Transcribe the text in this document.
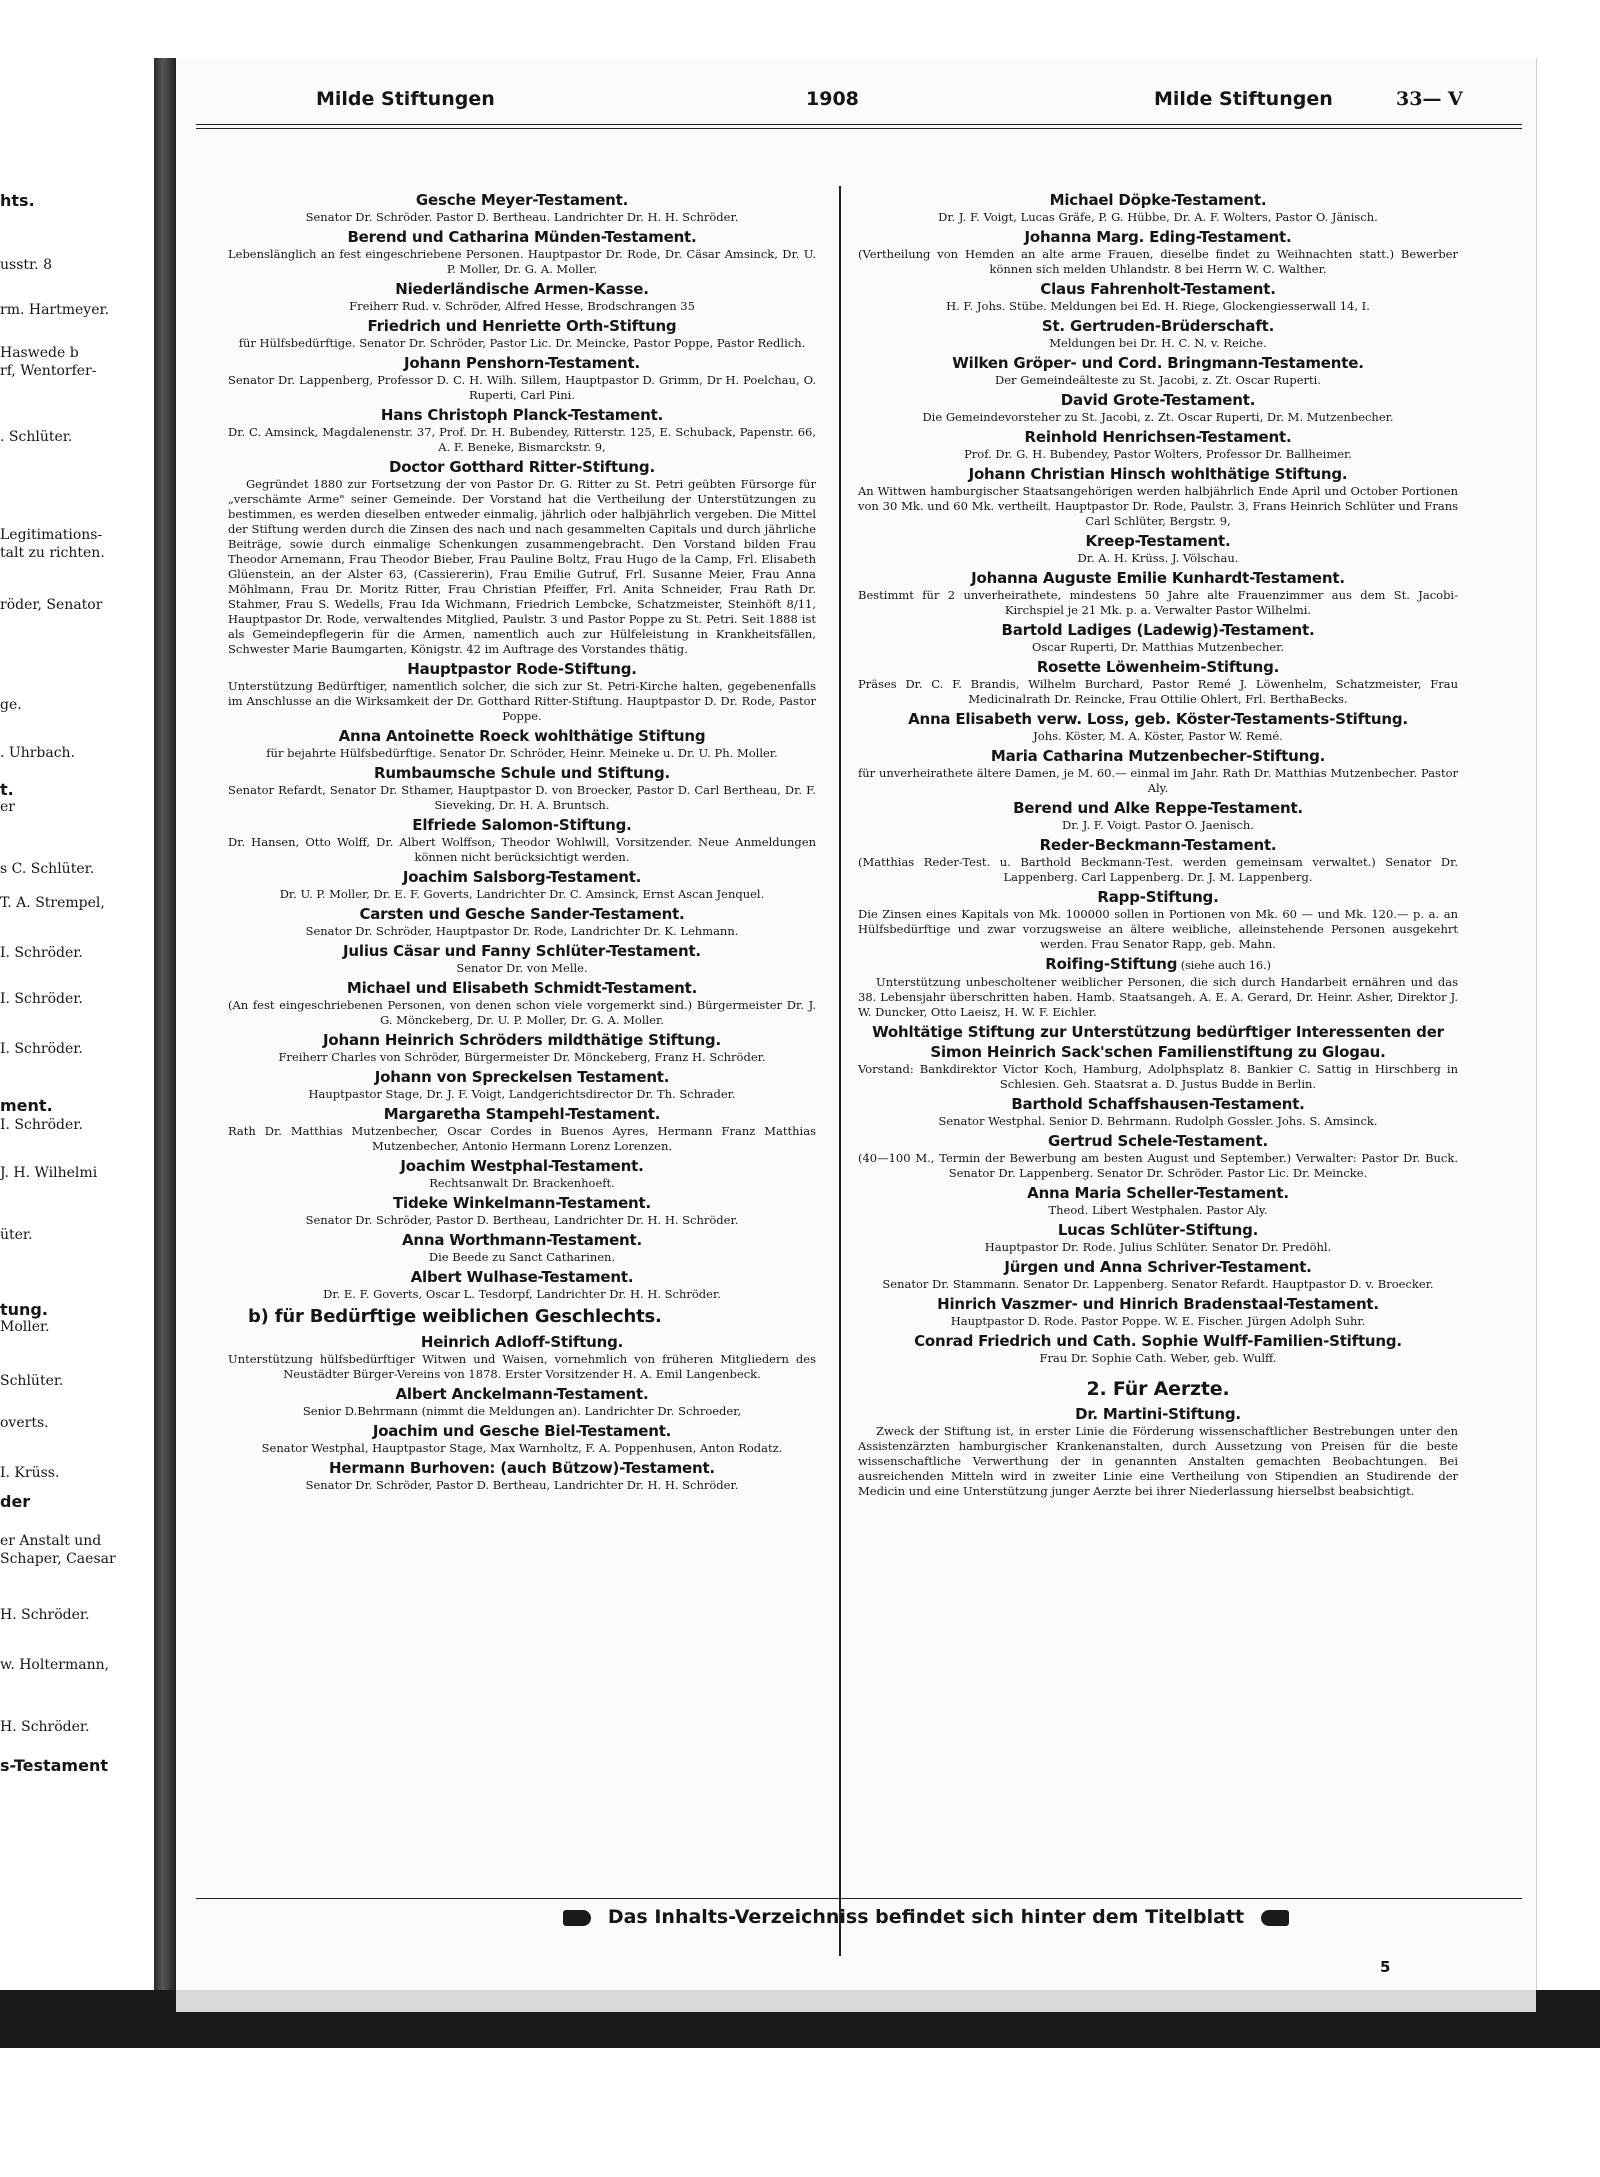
hts.
usstr. 8
rm. Hartmeyer.
Haswede b
rf, Wentorfer-
. Schlüter.
Legitimations-
talt zu richten.
röder, Senator
ge.
. Uhrbach.
t.
er
s C. Schlüter.
T. A. Strempel,
I. Schröder.
I. Schröder.
I. Schröder.
ment.
I. Schröder.
J. H. Wilhelmi
üter.
tung.
Moller.
Schlüter.
overts.
I. Krüss.
der
er Anstalt und
Schaper, Caesar
H. Schröder.
w. Holtermann,
H. Schröder.
s-Testament
Milde Stiftungen	1908	Milde Stiftungen	33— V
Gesche Meyer-Testament.
Senator Dr. Schröder. Pastor D. Bertheau. Landrichter Dr. H. H. Schröder.
Berend und Catharina Münden-Testament.
Lebenslänglich an fest eingeschriebene Personen. Hauptpastor Dr. Rode, Dr. Cäsar Amsinck, Dr. U. P. Moller, Dr. G. A. Moller.
Niederländische Armen-Kasse.
Freiherr Rud. v. Schröder, Alfred Hesse, Brodschrangen 35
Friedrich und Henriette Orth-Stiftung
für Hülfsbedürftige. Senator Dr. Schröder, Pastor Lic. Dr. Meincke, Pastor Poppe, Pastor Redlich.
Johann Penshorn-Testament.
Senator Dr. Lappenberg, Professor D. C. H. Wilh. Sillem, Hauptpastor D. Grimm, Dr H. Poelchau, O. Ruperti, Carl Pini.
Hans Christoph Planck-Testament.
Dr. C. Amsinck, Magdalenenstr. 37, Prof. Dr. H. Bubendey, Ritterstr. 125, E. Schuback, Papenstr. 66, A. F. Beneke, Bismarckstr. 9,
Doctor Gotthard Ritter-Stiftung.
Gegründet 1880 zur Fortsetzung der von Pastor Dr. G. Ritter zu St. Petri geübten Fürsorge für „verschämte Arme" seiner Gemeinde. Der Vorstand hat die Vertheilung der Unterstützungen zu bestimmen, es werden dieselben entweder einmalig, jährlich oder halbjährlich vergeben. Die Mittel der Stiftung werden durch die Zinsen des nach und nach gesammelten Capitals und durch jährliche Beiträge, sowie durch einmalige Schenkungen zusammengebracht. Den Vorstand bilden Frau Theodor Arnemann, Frau Theodor Bieber, Frau Pauline Boltz, Frau Hugo de la Camp, Frl. Elisabeth Glüenstein, an der Alster 63, (Cassiererin), Frau Emilie Gutruf, Frl. Susanne Meier, Frau Anna Möhlmann, Frau Dr. Moritz Ritter, Frau Christian Pfeiffer, Frl. Anita Schneider, Frau Rath Dr. Stahmer, Frau S. Wedells, Frau Ida Wichmann, Friedrich Lembcke, Schatzmeister, Steinhöft 8/11, Hauptpastor Dr. Rode, verwaltendes Mitglied, Paulstr. 3 und Pastor Poppe zu St. Petri. Seit 1888 ist als Gemeindepflegerin für die Armen, namentlich auch zur Hülfeleistung in Krankheitsfällen, Schwester Marie Baumgarten, Königstr. 42 im Auftrage des Vorstandes thätig.
Hauptpastor Rode-Stiftung.
Unterstützung Bedürftiger, namentlich solcher, die sich zur St. Petri-Kirche halten, gegebenenfalls im Anschlusse an die Wirksamkeit der Dr. Gotthard Ritter-Stiftung. Hauptpastor D. Dr. Rode, Pastor Poppe.
Anna Antoinette Roeck wohlthätige Stiftung
für bejahrte Hülfsbedürftige. Senator Dr. Schröder, Heinr. Meineke u. Dr. U. Ph. Moller.
Rumbaumsche Schule und Stiftung.
Senator Refardt, Senator Dr. Sthamer, Hauptpastor D. von Broecker, Pastor D. Carl Bertheau, Dr. F. Sieveking, Dr. H. A. Bruntsch.
Elfriede Salomon-Stiftung.
Dr. Hansen, Otto Wolff, Dr. Albert Wolffson, Theodor Wohlwill, Vorsitzender. Neue Anmeldungen können nicht berücksichtigt werden.
Joachim Salsborg-Testament.
Dr. U. P. Moller, Dr. E. F. Goverts, Landrichter Dr. C. Amsinck, Ernst Ascan Jenquel.
Carsten und Gesche Sander-Testament.
Senator Dr. Schröder, Hauptpastor Dr. Rode, Landrichter Dr. K. Lehmann.
Julius Cäsar und Fanny Schlüter-Testament.
Senator Dr. von Melle.
Michael und Elisabeth Schmidt-Testament.
(An fest eingeschriebenen Personen, von denen schon viele vorgemerkt sind.) Bürgermeister Dr. J. G. Mönckeberg, Dr. U. P. Moller, Dr. G. A. Moller.
Johann Heinrich Schröders mildthätige Stiftung.
Freiherr Charles von Schröder, Bürgermeister Dr. Mönckeberg, Franz H. Schröder.
Johann von Spreckelsen Testament.
Hauptpastor Stage, Dr. J. F. Voigt, Landgerichtsdirector Dr. Th. Schrader.
Margaretha Stampehl-Testament.
Rath Dr. Matthias Mutzenbecher, Oscar Cordes in Buenos Ayres, Hermann Franz Matthias Mutzenbecher, Antonio Hermann Lorenz Lorenzen.
Joachim Westphal-Testament.
Rechtsanwalt Dr. Brackenhoeft.
Tideke Winkelmann-Testament.
Senator Dr. Schröder, Pastor D. Bertheau, Landrichter Dr. H. H. Schröder.
Anna Worthmann-Testament.
Die Beede zu Sanct Catharinen.
Albert Wulhase-Testament.
Dr. E. F. Goverts, Oscar L. Tesdorpf, Landrichter Dr. H. H. Schröder.
b) für Bedürftige weiblichen Geschlechts.
Heinrich Adloff-Stiftung.
Unterstützung hülfsbedürftiger Witwen und Waisen, vornehmlich von früheren Mitgliedern des Neustädter Bürger-Vereins von 1878. Erster Vorsitzender H. A. Emil Langenbeck.
Albert Anckelmann-Testament.
Senior D.Behrmann (nimmt die Meldungen an). Landrichter Dr. Schroeder,
Joachim und Gesche Biel-Testament.
Senator Westphal, Hauptpastor Stage, Max Warnholtz, F. A. Poppenhusen, Anton Rodatz.
Hermann Burhoven: (auch Bützow)-Testament.
Senator Dr. Schröder, Pastor D. Bertheau, Landrichter Dr. H. H. Schröder.
Michael Döpke-Testament.
Dr. J. F. Voigt, Lucas Gräfe, P. G. Hübbe, Dr. A. F. Wolters, Pastor O. Jänisch.
Johanna Marg. Eding-Testament.
(Vertheilung von Hemden an alte arme Frauen, dieselbe findet zu Weihnachten statt.) Bewerber können sich melden Uhlandstr. 8 bei Herrn W. C. Walther.
Claus Fahrenholt-Testament.
H. F. Johs. Stübe. Meldungen bei Ed. H. Riege, Glockengiesserwall 14, I.
St. Gertruden-Brüderschaft.
Meldungen bei Dr. H. C. N. v. Reiche.
Wilken Gröper- und Cord. Bringmann-Testamente.
Der Gemeindeälteste zu St. Jacobi, z. Zt. Oscar Ruperti.
David Grote-Testament.
Die Gemeindevorsteher zu St. Jacobi, z. Zt. Oscar Ruperti, Dr. M. Mutzenbecher.
Reinhold Henrichsen-Testament.
Prof. Dr. G. H. Bubendey, Pastor Wolters, Professor Dr. Ballheimer.
Johann Christian Hinsch wohlthätige Stiftung.
An Wittwen hamburgischer Staatsangehörigen werden halbjährlich Ende April und October Portionen von 30 Mk. und 60 Mk. vertheilt. Hauptpastor Dr. Rode, Paulstr. 3, Frans Heinrich Schlüter und Frans Carl Schlüter, Bergstr. 9,
Kreep-Testament.
Dr. A. H. Krüss. J. Völschau.
Johanna Auguste Emilie Kunhardt-Testament.
Bestimmt für 2 unverheirathete, mindestens 50 Jahre alte Frauenzimmer aus dem St. Jacobi-Kirchspiel je 21 Mk. p. a. Verwalter Pastor Wilhelmi.
Bartold Ladiges (Ladewig)-Testament.
Oscar Ruperti, Dr. Matthias Mutzenbecher.
Rosette Löwenheim-Stiftung.
Präses Dr. C. F. Brandis, Wilhelm Burchard, Pastor Remé J. Löwenhelm, Schatzmeister, Frau Medicinalrath Dr. Reincke, Frau Ottilie Ohlert, Frl. BerthaBecks.
Anna Elisabeth verw. Loss, geb. Köster-Testaments-Stiftung.
Johs. Köster, M. A. Köster, Pastor W. Remé.
Maria Catharina Mutzenbecher-Stiftung.
für unverheirathete ältere Damen, je M. 60.— einmal im Jahr. Rath Dr. Matthias Mutzenbecher. Pastor Aly.
Berend und Alke Reppe-Testament.
Dr. J. F. Voigt. Pastor O. Jaenisch.
Reder-Beckmann-Testament.
(Matthias Reder-Test. u. Barthold Beckmann-Test. werden gemeinsam verwaltet.) Senator Dr. Lappenberg. Carl Lappenberg. Dr. J. M. Lappenberg.
Rapp-Stiftung.
Die Zinsen eines Kapitals von Mk. 100000 sollen in Portionen von Mk. 60 — und Mk. 120.— p. a. an Hülfsbedürftige und zwar vorzugsweise an ältere weibliche, alleinstehende Personen ausgekehrt werden. Frau Senator Rapp, geb. Mahn.
Roifing-Stiftung (siehe auch 16.)
Unterstützung unbescholtener weiblicher Personen, die sich durch Handarbeit ernähren und das 38. Lebensjahr überschritten haben. Hamb. Staatsangeh. A. E. A. Gerard, Dr. Heinr. Asher, Direktor J. W. Duncker, Otto Laeisz, H. W. F. Eichler.
Wohltätige Stiftung zur Unterstützung bedürftiger Interessenten der Simon Heinrich Sack'schen Familienstiftung zu Glogau.
Vorstand: Bankdirektor Victor Koch, Hamburg, Adolphsplatz 8. Bankier C. Sattig in Hirschberg in Schlesien. Geh. Staatsrat a. D. Justus Budde in Berlin.
Barthold Schaffshausen-Testament.
Senator Westphal. Senior D. Behrmann. Rudolph Gossler. Johs. S. Amsinck.
Gertrud Schele-Testament.
(40—100 M., Termin der Bewerbung am besten August und September.) Verwalter: Pastor Dr. Buck. Senator Dr. Lappenberg. Senator Dr. Schröder. Pastor Lic. Dr. Meincke.
Anna Maria Scheller-Testament.
Theod. Libert Westphalen. Pastor Aly.
Lucas Schlüter-Stiftung.
Hauptpastor Dr. Rode. Julius Schlüter. Senator Dr. Predöhl.
Jürgen und Anna Schriver-Testament.
Senator Dr. Stammann. Senator Dr. Lappenberg. Senator Refardt. Hauptpastor D. v. Broecker.
Hinrich Vaszmer- und Hinrich Bradenstaal-Testament.
Hauptpastor D. Rode. Pastor Poppe. W. E. Fischer. Jürgen Adolph Suhr.
Conrad Friedrich und Cath. Sophie Wulff-Familien-Stiftung.
Frau Dr. Sophie Cath. Weber, geb. Wulff.
2. Für Aerzte.
Dr. Martini-Stiftung.
Zweck der Stiftung ist, in erster Linie die Förderung wissenschaftlicher Bestrebungen unter den Assistenzärzten hamburgischer Krankenanstalten, durch Aussetzung von Preisen für die beste wissenschaftliche Verwerthung der in genannten Anstalten gemachten Beobachtungen. Bei ausreichenden Mitteln wird in zweiter Linie eine Vertheilung von Stipendien an Studirende der Medicin und eine Unterstützung junger Aerzte bei ihrer Niederlassung hierselbst beabsichtigt.
Das Inhalts-Verzeichniss befindet sich hinter dem Titelblatt
5
